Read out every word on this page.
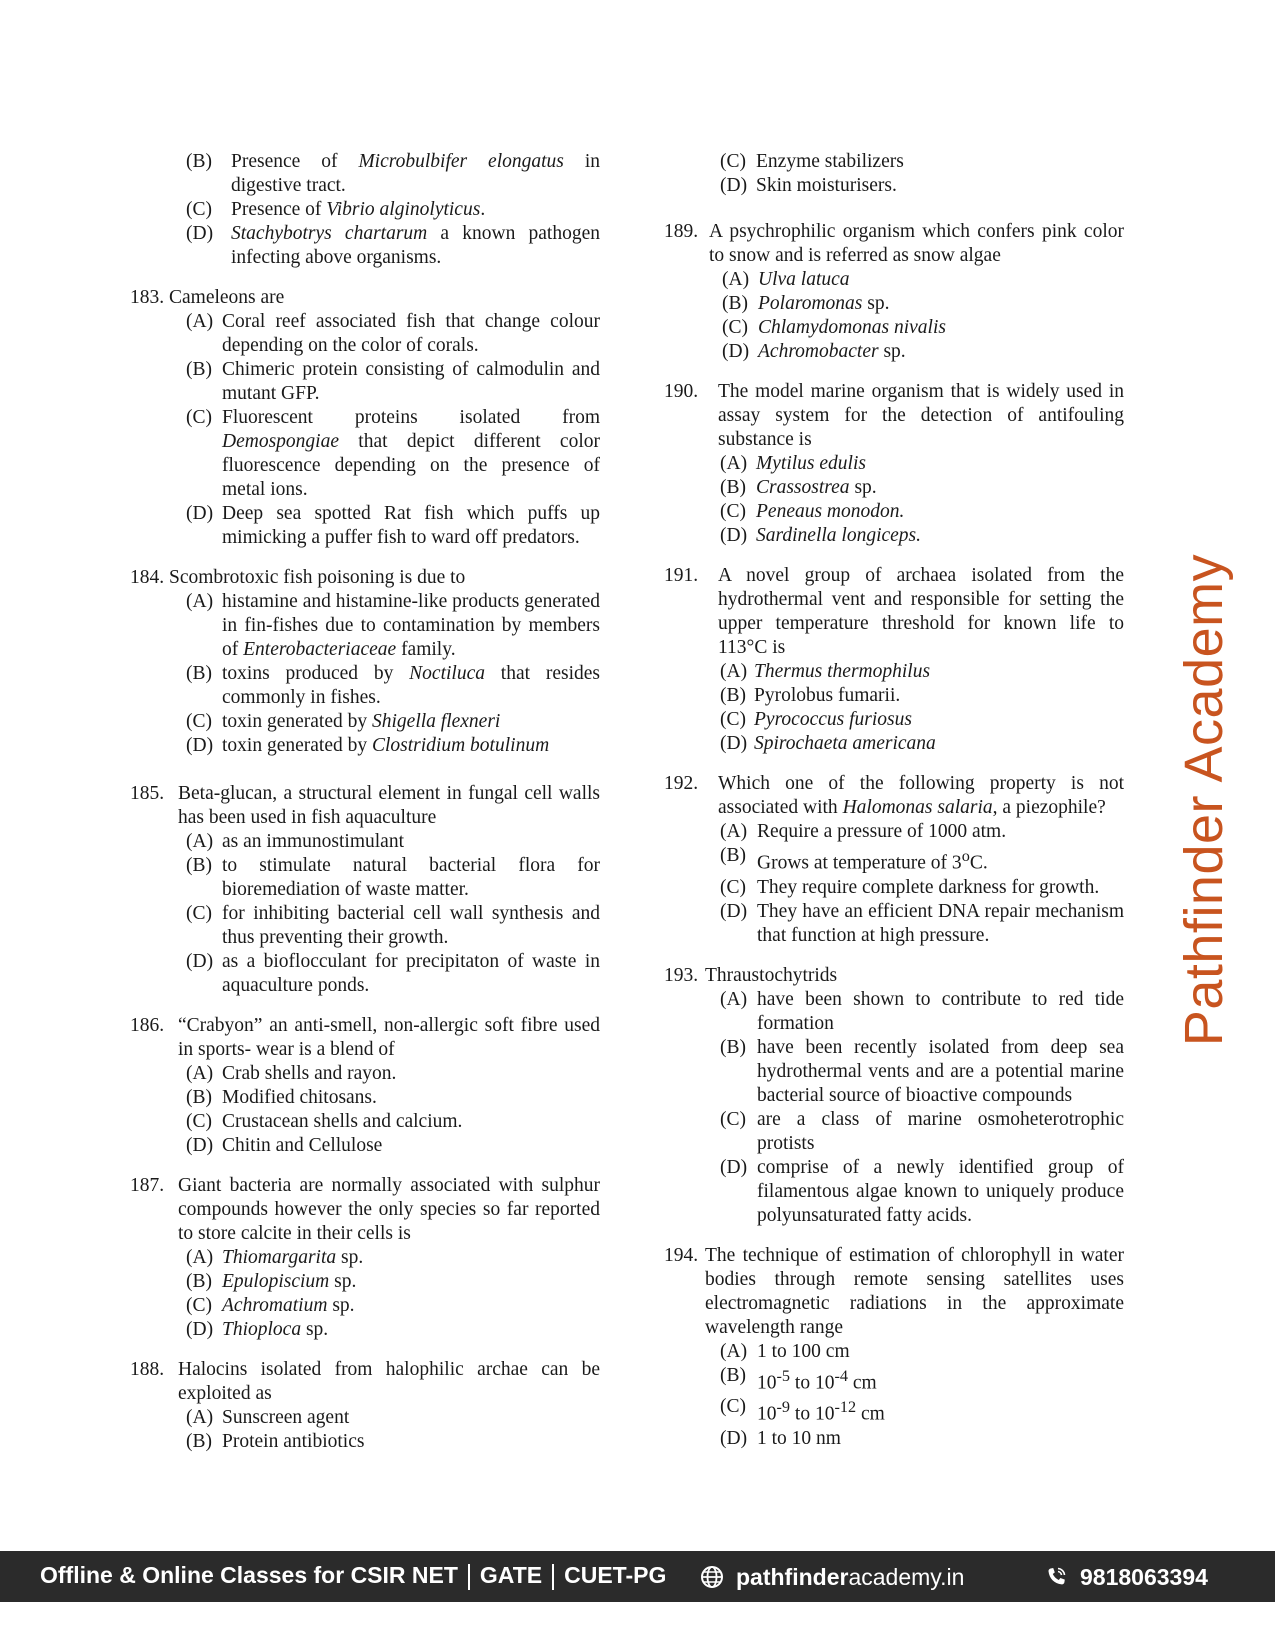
(B) Presence of Microbulbifer elongatus in digestive tract.
(C) Presence of Vibrio alginolyticus.
(D) Stachybotrys chartarum a known pathogen infecting above organisms.
183. Cameleons are
(A) Coral reef associated fish that change colour depending on the color of corals.
(B) Chimeric protein consisting of calmodulin and mutant GFP.
(C) Fluorescent proteins isolated from Demospongiae that depict different color fluorescence depending on the presence of metal ions.
(D) Deep sea spotted Rat fish which puffs up mimicking a puffer fish to ward off predators.
184. Scombrotoxic fish poisoning is due to
(A) histamine and histamine-like products generated in fin-fishes due to contamination by members of Enterobacteriaceae family.
(B) toxins produced by Noctiluca that resides commonly in fishes.
(C) toxin generated by Shigella flexneri
(D) toxin generated by Clostridium botulinum
185. Beta-glucan, a structural element in fungal cell walls has been used in fish aquaculture
(A) as an immunostimulant
(B) to stimulate natural bacterial flora for bioremediation of waste matter.
(C) for inhibiting bacterial cell wall synthesis and thus preventing their growth.
(D) as a bioflocculant for precipitaton of waste in aquaculture ponds.
186. “Crabyon” an anti-smell, non-allergic soft fibre used in sports- wear is a blend of
(A) Crab shells and rayon.
(B) Modified chitosans.
(C) Crustacean shells and calcium.
(D) Chitin and Cellulose
187. Giant bacteria are normally associated with sulphur compounds however the only species so far reported to store calcite in their cells is
(A) Thiomargarita sp.
(B) Epulopiscium sp.
(C) Achromatium sp.
(D) Thioploca sp.
188. Halocins isolated from halophilic archae can be exploited as
(A) Sunscreen agent
(B) Protein antibiotics
(C) Enzyme stabilizers
(D) Skin moisturisers.
189. A psychrophilic organism which confers pink color to snow and is referred as snow algae
(A) Ulva latuca
(B) Polaromonas sp.
(C) Chlamydomonas nivalis
(D) Achromobacter sp.
190.	The model marine organism that is widely used in assay system for the detection of antifouling substance is
(A) Mytilus edulis
(B) Crassostrea sp.
(C) Peneaus monodon.
(D) Sardinella longiceps.
191.	A novel group of archaea isolated from the hydrothermal vent and responsible for setting the upper temperature threshold for known life to 113°C is
(A) Thermus thermophilus
(B) Pyrolobus fumarii.
(C) Pyrococcus furiosus
(D) Spirochaeta americana
192.	Which one of the following property is not associated with Halomonas salaria, a piezophile?
(A) Require a pressure of 1000 atm.
(B) Grows at temperature of 3$^o$C.
(C) They require complete darkness for growth.
(D) They have an efficient DNA repair mechanism that function at high pressure.
193. Thraustochytrids
(A) have been shown to contribute to red tide formation
(B) have been recently isolated from deep sea hydrothermal vents and are a potential marine bacterial source of bioactive compounds
(C) are a class of marine osmoheterotrophic protists
(D) comprise of a newly identified group of filamentous algae known to uniquely produce polyunsaturated fatty acids.
194. The technique of estimation of chlorophyll in water bodies through remote sensing satellites uses electromagnetic radiations in the approximate wavelength range
(A) 1 to 100 cm
(B) $10^{-5}$ to $10^{-4}$ cm
(C) $10^{-9}$ to $10^{-12}$ cm
(D) 1 to 10 nm
Pathfinder Academy
Offline & Online Classes for CSIR NET GATE CUET-PG	pathfinder academy.in	9818063394
